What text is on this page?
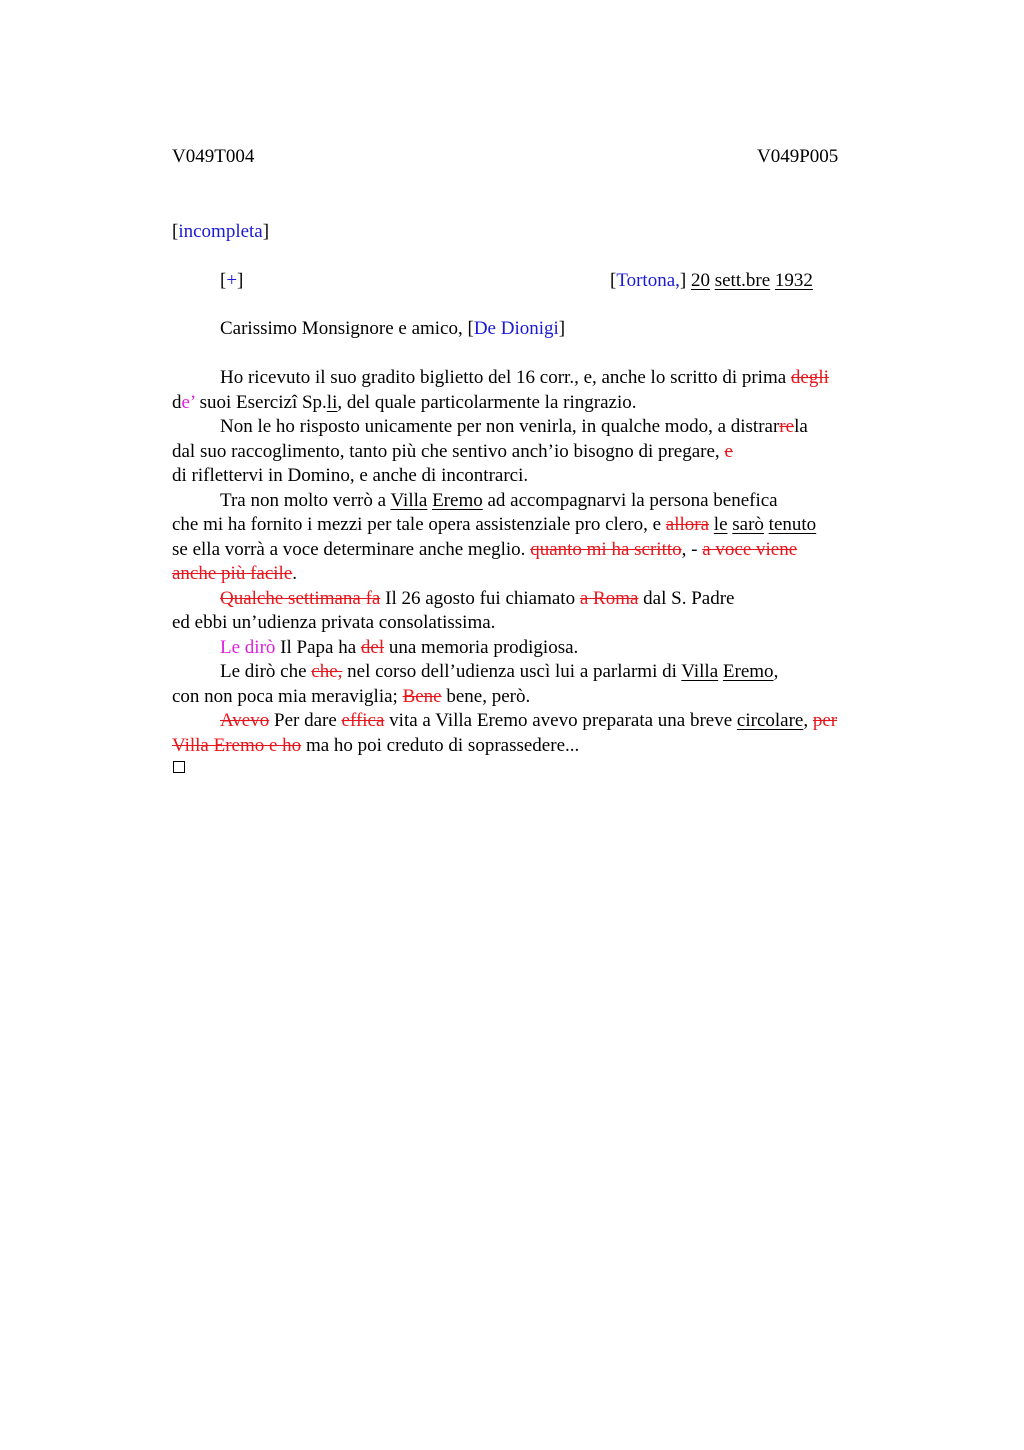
V049T004	V049P005
[incompleta]
[+]	[Tortona,] 20 sett.bre 1932
Carissimo Monsignore e amico, [De Dionigi]
Ho ricevuto il suo gradito biglietto del 16 corr., e, anche lo scritto di prima degli
de’ suoi Esercizî Sp.li, del quale particolarmente la ringrazio.
Non le ho risposto unicamente per non venirla, in qualche modo, a distrarrela
dal suo raccoglimento, tanto più che sentivo anch’io bisogno di pregare, e
di riflettervi in Domino, e anche di incontrarci.
Tra non molto verrò a Villa Eremo ad accompagnarvi la persona benefica
che mi ha fornito i mezzi per tale opera assistenziale pro clero, e allora le sarò tenuto
se ella vorrà a voce determinare anche meglio. quanto mi ha scritto, - a voce viene
anche più facile.
Qualche settimana fa Il 26 agosto fui chiamato a Roma dal S. Padre
ed ebbi un’udienza privata consolatissima.
Le dirò Il Papa ha del una memoria prodigiosa.
Le dirò che che, nel corso dell’udienza uscì lui a parlarmi di Villa Eremo,
con non poca mia meraviglia; Bene bene, però.
Avevo Per dare effica vita a Villa Eremo avevo preparata una breve circolare, per
Villa Eremo e ho ma ho poi creduto di soprassedere...
